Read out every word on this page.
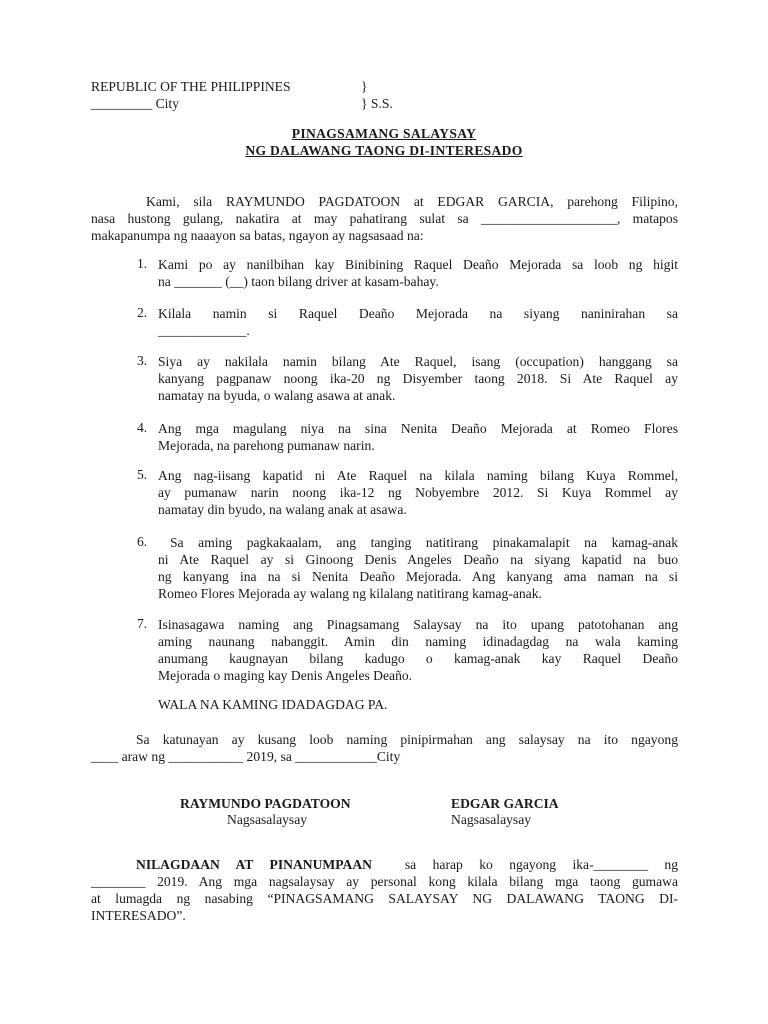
REPUBLIC OF THE PHILIPPINES	}
_________ City	} S.S.
PINAGSAMANG SALAYSAY
NG DALAWANG TAONG DI-INTERESADO
Kami, sila RAYMUNDO PAGDATOON at EDGAR GARCIA, parehong Filipino,
nasa hustong gulang, nakatira at may pahatirang sulat sa ____________________, matapos
makapanumpa ng naaayon sa batas, ngayon ay nagsasaad na:
1. Kami po ay nanilbihan kay Binibining Raquel Deaño Mejorada sa loob ng higit
na _______ (__) taon bilang driver at kasam-bahay.
2. Kilala namin si Raquel Deaño Mejorada na siyang naninirahan sa
_____________.
3. Siya ay nakilala namin bilang Ate Raquel, isang (occupation) hanggang sa
kanyang pagpanaw noong ika-20 ng Disyember taong 2018. Si Ate Raquel ay
namatay na byuda, o walang asawa at anak.
4. Ang mga magulang niya na sina Nenita Deaño Mejorada at Romeo Flores
Mejorada, na parehong pumanaw narin.
5. Ang nag-iisang kapatid ni Ate Raquel na kilala naming bilang Kuya Rommel,
ay pumanaw narin noong ika-12 ng Nobyembre 2012. Si Kuya Rommel ay
namatay din byudo, na walang anak at asawa.
6.	Sa aming pagkakaalam, ang tanging natitirang pinakamalapit na kamag-anak
ni Ate Raquel ay si Ginoong Denis Angeles Deaño na siyang kapatid na buo
ng kanyang ina na si Nenita Deaño Mejorada. Ang kanyang ama naman na si
Romeo Flores Mejorada ay walang ng kilalang natitirang kamag-anak.
7. Isinasagawa naming ang Pinagsamang Salaysay na ito upang patotohanan ang
aming naunang nabanggit. Amin din naming idinadagdag na wala kaming
anumang kaugnayan bilang kadugo o kamag-anak kay Raquel Deaño
Mejorada o maging kay Denis Angeles Deaño.
WALA NA KAMING IDADAGDAG PA.
Sa katunayan ay kusang loob naming pinipirmahan ang salaysay na ito ngayong
____ araw ng ___________ 2019, sa ____________City
RAYMUNDO PAGDATOON
Nagsasalaysay
EDGAR GARCIA
Nagsasalaysay
NILAGDAAN AT PINANUMPAAN sa harap ko ngayong ika-________ ng
________ 2019. Ang mga nagsalaysay ay personal kong kilala bilang mga taong gumawa
at lumagda ng nasabing “PINAGSAMANG SALAYSAY NG DALAWANG TAONG DI-
INTERESADO”.
